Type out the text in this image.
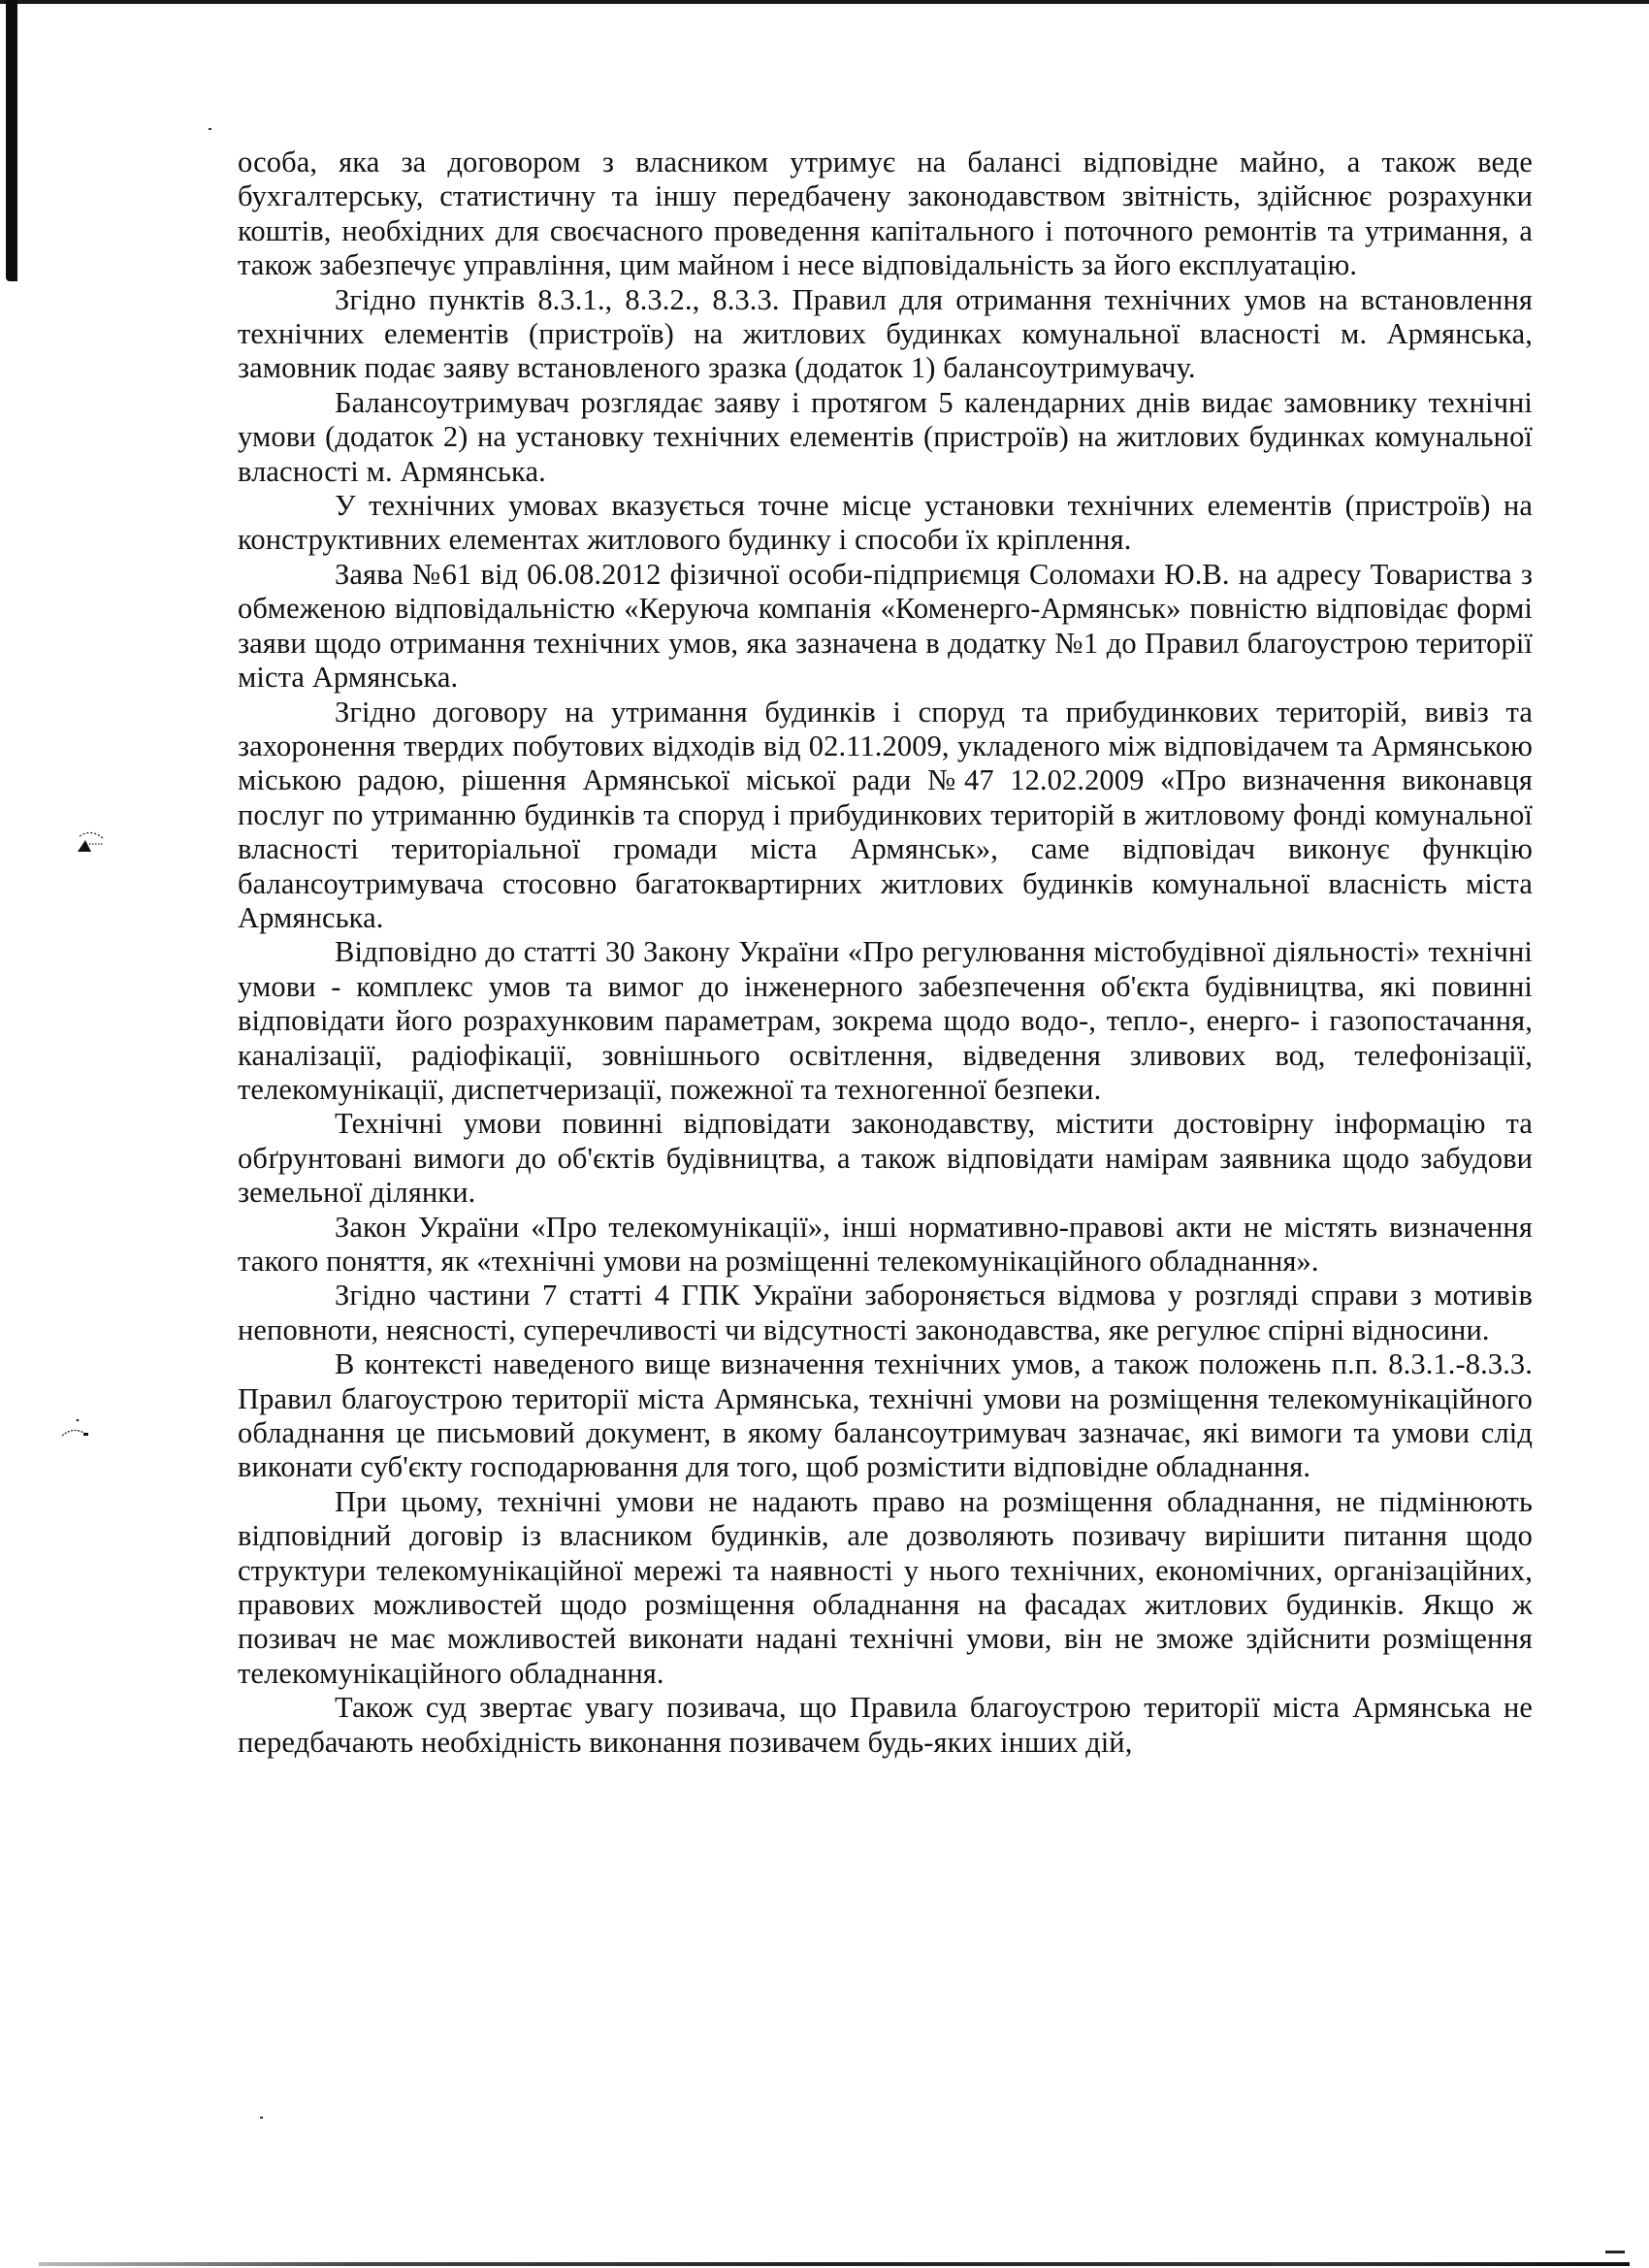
особа, яка за договором з власником утримує на балансі відповідне майно, а також веде бухгалтерську, статистичну та іншу передбачену законодавством звітність, здійснює розрахунки коштів, необхідних для своєчасного проведення капітального і поточного ремонтів та утримання, а також забезпечує управління, цим майном і несе відповідальність за його експлуатацію.

Згідно пунктів 8.3.1., 8.3.2., 8.3.3. Правил для отримання технічних умов на встановлення технічних елементів (пристроїв) на житлових будинках комунальної власності м. Армянська, замовник подає заяву встановленого зразка (додаток 1) балансоутримувачу.

Балансоутримувач розглядає заяву і протягом 5 календарних днів видає замовнику технічні умови (додаток 2) на установку технічних елементів (пристроїв) на житлових будинках комунальної власності м. Армянська.

У технічних умовах вказується точне місце установки технічних елементів (пристроїв) на конструктивних елементах житлового будинку і способи їх кріплення.

Заява №61 від 06.08.2012 фізичної особи-підприємця Соломахи Ю.В. на адресу Товариства з обмеженою відповідальністю «Керуюча компанія «Коменерго-Армянськ» повністю відповідає формі заяви щодо отримання технічних умов, яка зазначена в додатку №1 до Правил благоустрою території міста Армянська.

Згідно договору на утримання будинків і споруд та прибудинкових територій, вивіз та захоронення твердих побутових відходів від 02.11.2009, укладеного між відповідачем та Армянською міською радою, рішення Армянської міської ради №47 12.02.2009 «Про визначення виконавця послуг по утриманню будинків та споруд і прибудинкових територій в житловому фонді комунальної власності територіальної громади міста Армянськ», саме відповідач виконує функцію балансоутримувача стосовно багатоквартирних житлових будинків комунальної власність міста Армянська.

Відповідно до статті 30 Закону України «Про регулювання містобудівної діяльності» технічні умови - комплекс умов та вимог до інженерного забезпечення об'єкта будівництва, які повинні відповідати його розрахунковим параметрам, зокрема щодо водо-, тепло-, енерго- і газопостачання, каналізації, радіофікації, зовнішнього освітлення, відведення зливових вод, телефонізації, телекомунікації, диспетчеризації, пожежної та техногенної безпеки.

Технічні умови повинні відповідати законодавству, містити достовірну інформацію та обґрунтовані вимоги до об'єктів будівництва, а також відповідати намірам заявника щодо забудови земельної ділянки.

Закон України «Про телекомунікації», інші нормативно-правові акти не містять визначення такого поняття, як «технічні умови на розміщенні телекомунікаційного обладнання».

Згідно частини 7 статті 4 ГПК України забороняється відмова у розгляді справи з мотивів неповноти, неясності, суперечливості чи відсутності законодавства, яке регулює спірні відносини.

В контексті наведеного вище визначення технічних умов, а також положень п.п. 8.3.1.-8.3.3. Правил благоустрою території міста Армянська, технічні умови на розміщення телекомунікаційного обладнання це письмовий документ, в якому балансоутримувач зазначає, які вимоги та умови слід виконати суб'єкту господарювання для того, щоб розмістити відповідне обладнання.

При цьому, технічні умови не надають право на розміщення обладнання, не підмінюють відповідний договір із власником будинків, але дозволяють позивачу вирішити питання щодо структури телекомунікаційної мережі та наявності у нього технічних, економічних, організаційних, правових можливостей щодо розміщення обладнання на фасадах житлових будинків. Якщо ж позивач не має можливостей виконати надані технічні умови, він не зможе здійснити розміщення телекомунікаційного обладнання.

Також суд звертає увагу позивача, що Правила благоустрою території міста Армянська не передбачають необхідність виконання позивачем будь-яких інших дій,
